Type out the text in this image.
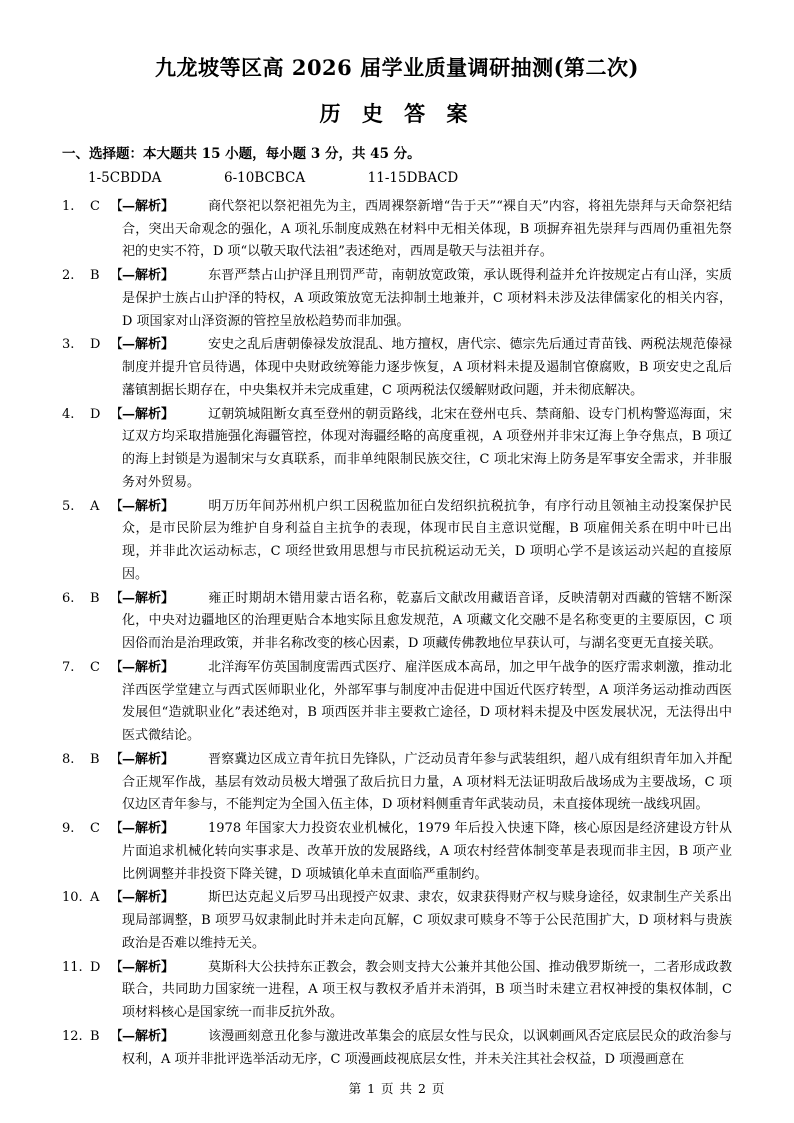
九龙坡等区高 2026 届学业质量调研抽测(第二次)
历 史 答 案
一、选择题：本大题共 15 小题，每小题 3 分，共 45 分。
1-5CBDDA	6-10BCBCA	11-15DBACD
1.	C 【
—解析】	商代祭祀以祭祀祖先为主，西周裸祭新增“告于天”“裸自天”内容，将祖先崇拜与天命祭祀结合，突出天命观念的强化，A 项礼乐制度成熟在材料中无相关体现，B 项摒弃祖先崇拜与西周仍重祖先祭祀的史实不符，D 项“以敬天取代法祖”表述绝对，西周是敬天与法祖并存。
2.	B 【
—解析】	东晋严禁占山护泽且刑罚严苛，南朝放宽政策，承认既得利益并允许按规定占有山泽，实质是保护士族占山护泽的特权，A 项政策放宽无法抑制土地兼并，C 项材料未涉及法律儒家化的相关内容，D 项国家对山泽资源的管控呈放松趋势而非加强。
3.	D 【
—解析】	安史之乱后唐朝傣禄发放混乱、地方擅权，唐代宗、德宗先后通过青苗钱、两税法规范傣禄制度并提升官员待遇，体现中央财政统筹能力逐步恢复，A 项材料未提及遏制官僚腐败，B 项安史之乱后藩镇割据长期存在，中央集权并未完成重建，C 项两税法仅缓解财政问题，并未彻底解决。
4.	D 【
—解析】	辽朝筑城阻断女真至登州的朝贡路线，北宋在登州屯兵、禁商船、设专门机构警巡海面，宋辽双方均采取措施强化海疆管控，体现对海疆经略的高度重视，A 项登州并非宋辽海上争夺焦点，B 项辽的海上封锁是为遏制宋与女真联系，而非单纯限制民族交往，C 项北宋海上防务是军事安全需求，并非服务对外贸易。
5.	A 【
—解析】	明万历年间苏州机户织工因税监加征白发绍织抗税抗争，有序行动且领袖主动投案保护民众，是市民阶层为维护自身利益自主抗争的表现，体现市民自主意识觉醒，B 项雇佣关系在明中叶已出现，并非此次运动标志，C 项经世致用思想与市民抗税运动无关，D 项明心学不是该运动兴起的直接原因。
6.	B 【
—解析】	雍正时期胡木错用蒙古语名称，乾嘉后文献改用藏语音译，反映清朝对西藏的管辖不断深化，中央对边疆地区的治理更贴合本地实际且愈发规范，A 项藏文化交融不是名称变更的主要原因，C 项因俗而治是治理政策，并非名称改变的核心因素，D 项藏传佛教地位早获认可，与湖名变更无直接关联。
7.	C 【
—解析】	北洋海军仿英国制度需西式医疗、雇洋医成本高昂，加之甲午战争的医疗需求刺激，推动北洋西医学堂建立与西式医师职业化，外部军事与制度冲击促进中国近代医疗转型，A 项洋务运动推动西医发展但“造就职业化”表述绝对，B 项西医并非主要救亡途径，D 项材料未提及中医发展状况，无法得出中医式微结论。
8.	B 【
—解析】	晋察冀边区成立青年抗日先锋队，广泛动员青年参与武装组织，超八成有组织青年加入并配合正规军作战，基层有效动员极大增强了敌后抗日力量，A 项材料无法证明敌后战场成为主要战场，C 项仅边区青年参与，不能判定为全国入伍主体，D 项材料侧重青年武装动员，未直接体现统一战线巩固。
9.	C 【
—解析】	1978 年国家大力投资农业机械化，1979 年后投入快速下降，核心原因是经济建设方针从片面追求机械化转向实事求是、改革开放的发展路线，A 项农村经营体制变革是表现而非主因，B 项产业比例调整并非投资下降关键，D 项城镇化单未直面临严重制约。
10. A 【
—解析】	斯巴达克起义后罗马出现授产奴隶、隶农，奴隶获得财产权与赎身途径，奴隶制生产关系出现局部调整，B 项罗马奴隶制此时并未走向瓦解，C 项奴隶可赎身不等于公民范围扩大，D 项材料与贵族政治是否难以维持无关。
11. D 【
—解析】	莫斯科大公扶持东正教会，教会则支持大公兼并其他公国、推动俄罗斯统一，二者形成政教联合，共同助力国家统一进程，A 项王权与教权矛盾并未消弭，B 项当时未建立君权神授的集权体制，C 项材料核心是国家统一而非反抗外敌。
12. B 【
—解析】	该漫画刻意丑化参与激进改革集会的底层女性与民众，以讽刺画风否定底层民众的政治参与权利，A 项并非批评选举活动无序，C 项漫画歧视底层女性，并未关注其社会权益，D 项漫画意在
第 1 页 共 2 页
